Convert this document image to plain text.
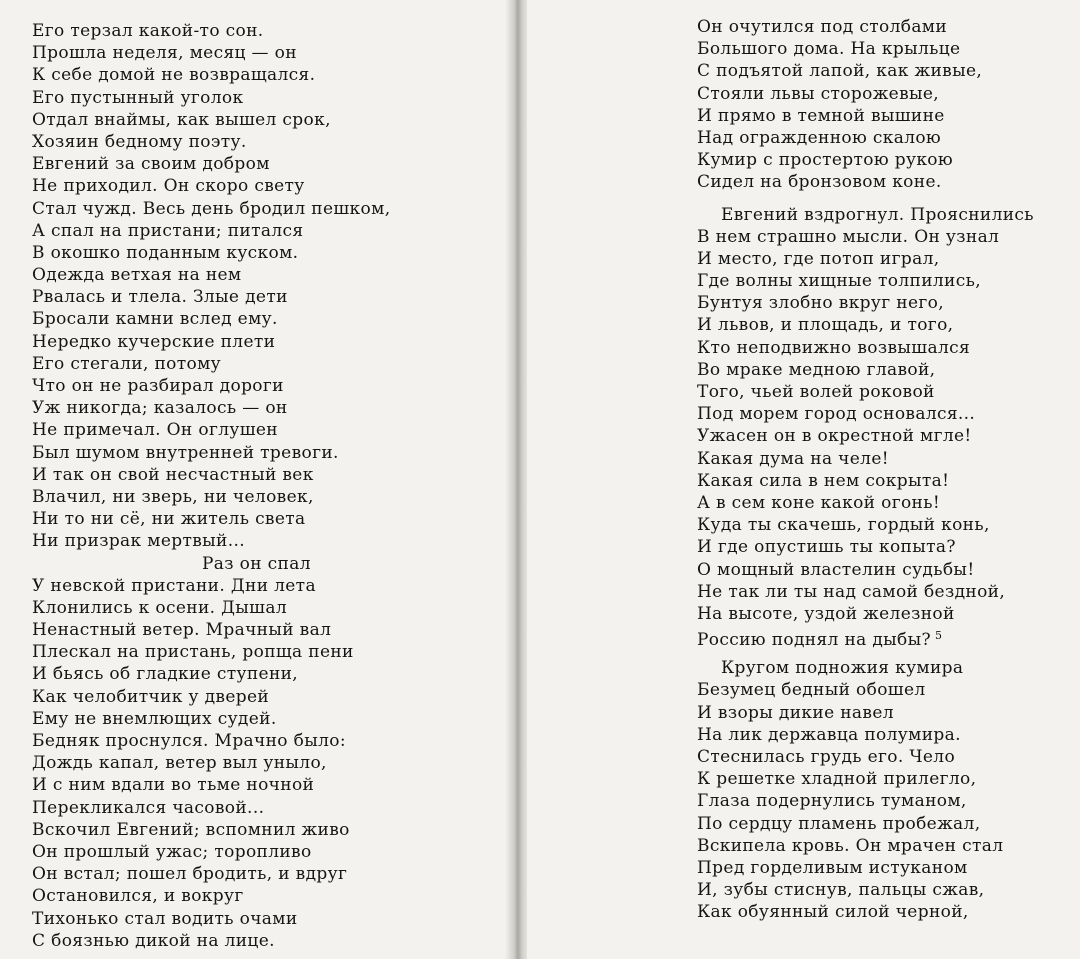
Его терзал какой-то сон.
Прошла неделя, месяц — он
К себе домой не возвращался.
Его пустынный уголок
Отдал внаймы, как вышел срок,
Хозяин бедному поэту.
Евгений за своим добром
Не приходил. Он скоро свету
Стал чужд. Весь день бродил пешком,
А спал на пристани; питался
В окошко поданным куском.
Одежда ветхая на нем
Рвалась и тлела. Злые дети
Бросали камни вслед ему.
Нередко кучерские плети
Его стегали, потому
Что он не разбирал дороги
Уж никогда; казалось — он
Не примечал. Он оглушен
Был шумом внутренней тревоги.
И так он свой несчастный век
Влачил, ни зверь, ни человек,
Ни то ни сё, ни житель света
Ни призрак мертвый...
Раз он спал
У невской пристани. Дни лета
Клонились к осени. Дышал
Ненастный ветер. Мрачный вал
Плескал на пристань, ропща пени
И бьясь об гладкие ступени,
Как челобитчик у дверей
Ему не внемлющих судей.
Бедняк проснулся. Мрачно было:
Дождь капал, ветер выл уныло,
И с ним вдали во тьме ночной
Перекликался часовой...
Вскочил Евгений; вспомнил живо
Он прошлый ужас; торопливо
Он встал; пошел бродить, и вдруг
Остановился, и вокруг
Тихонько стал водить очами
С боязнью дикой на лице.
Он очутился под столбами
Большого дома. На крыльце
С подъятой лапой, как живые,
Стояли львы сторожевые,
И прямо в темной вышине
Над огражденною скалою
Кумир с простертою рукою
Сидел на бронзовом коне.
Евгений вздрогнул. Прояснились
В нем страшно мысли. Он узнал
И место, где потоп играл,
Где волны хищные толпились,
Бунтуя злобно вкруг него,
И львов, и площадь, и того,
Кто неподвижно возвышался
Во мраке медною главой,
Того, чьей волей роковой
Под морем город основался...
Ужасен он в окрестной мгле!
Какая дума на челе!
Какая сила в нем сокрыта!
А в сем коне какой огонь!
Куда ты скачешь, гордый конь,
И где опустишь ты копыта?
О мощный властелин судьбы!
Не так ли ты над самой бездной,
На высоте, уздой железной
Россию поднял на дыбы? $^5$
Кругом подножия кумира
Безумец бедный обошел
И взоры дикие навел
На лик державца полумира.
Стеснилась грудь его. Чело
К решетке хладной прилегло,
Глаза подернулись туманом,
По сердцу пламень пробежал,
Вскипела кровь. Он мрачен стал
Пред горделивым истуканом
И, зубы стиснув, пальцы сжав,
Как обуянный силой черной,
